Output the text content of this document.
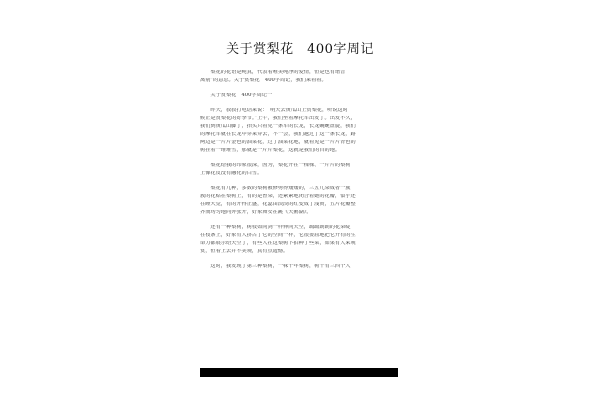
关于赏梨花　400字周记
　　梨花的花语是纯真，代表着唯美纯净的爱情，但是也有谐音“
离别”的意思。关于赏梨花　400字周记，我们来看看。
　　关于赏梨花　400字周记一
　　昨天，叔叔打电话来说：“明天去黄瓜山上赏梨花，听说这时
候正是赏梨花的好季节。”上午，我们坐着摩托车出发了。出发不久，
我们到黄瓜山脚了，抬头只看见一条车的长龙，长龙蜿蜒盘旋，我们
的摩托车就在长龙中穿来穿去，不一会，我们越过了这一条长龙，路
两边是一片片金色的油菜花，过了油菜花地，就看见是一片片青色的
树挂着一堆堆雪，那就是一片片梨花，这就是我们的目的地。
　　梨花给我的印象很深，因为，梨花开在一棵棵、一片片的梨树
上像花皮没有融化的白雪。
　　梨花有几种，多数的梨树被修剪得矮矮的，三五几朵成者一簇
簇的花贴在梨树上，有的是曾朵，还紧紧地闭合着她的花瓣，似乎还
在睡大觉，有的开得正盛，花蕊由淡淡的红变成了浅黄，五片花瓣整
齐而均匀地向外张开，好象舞女在跳《天鹅湖》。
　　还有一种梨树，树枝如同剑一样伸向天空，疏疏朗朗的花朵绽
在枝条上，好象有人挤占了它的空间一样，它很委屈地把它开有的生
命力都展示给天空了，有些人在这梨树下拍种了些菜，如果有人来观
赏，但看上去并不美观，真有点遗憾。
　　这时，我发现了第三种梨树，一株千年梨树，树干有三四个人
